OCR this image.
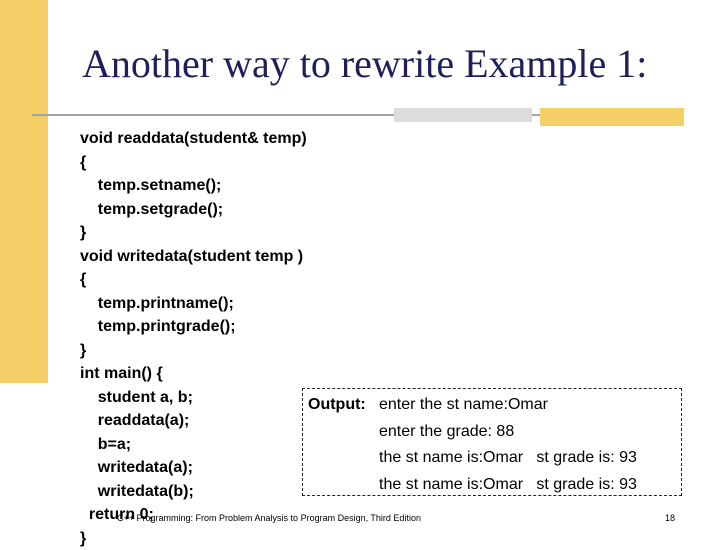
Another way to rewrite Example 1:
void readdata(student& temp)
{
temp.setname();
temp.setgrade();
}
void writedata(student temp )
{
temp.printname();
temp.printgrade();
}
int main() {
student a, b;
readdata(a);
b=a;
writedata(a);
writedata(b);
return 0;
}
Output: enter the st name:Omar
enter the grade: 88
the st name is:Omar   st grade is: 93
the st name is:Omar   st grade is: 93
C++ Programming: From Problem Analysis to Program Design, Third Edition	18
